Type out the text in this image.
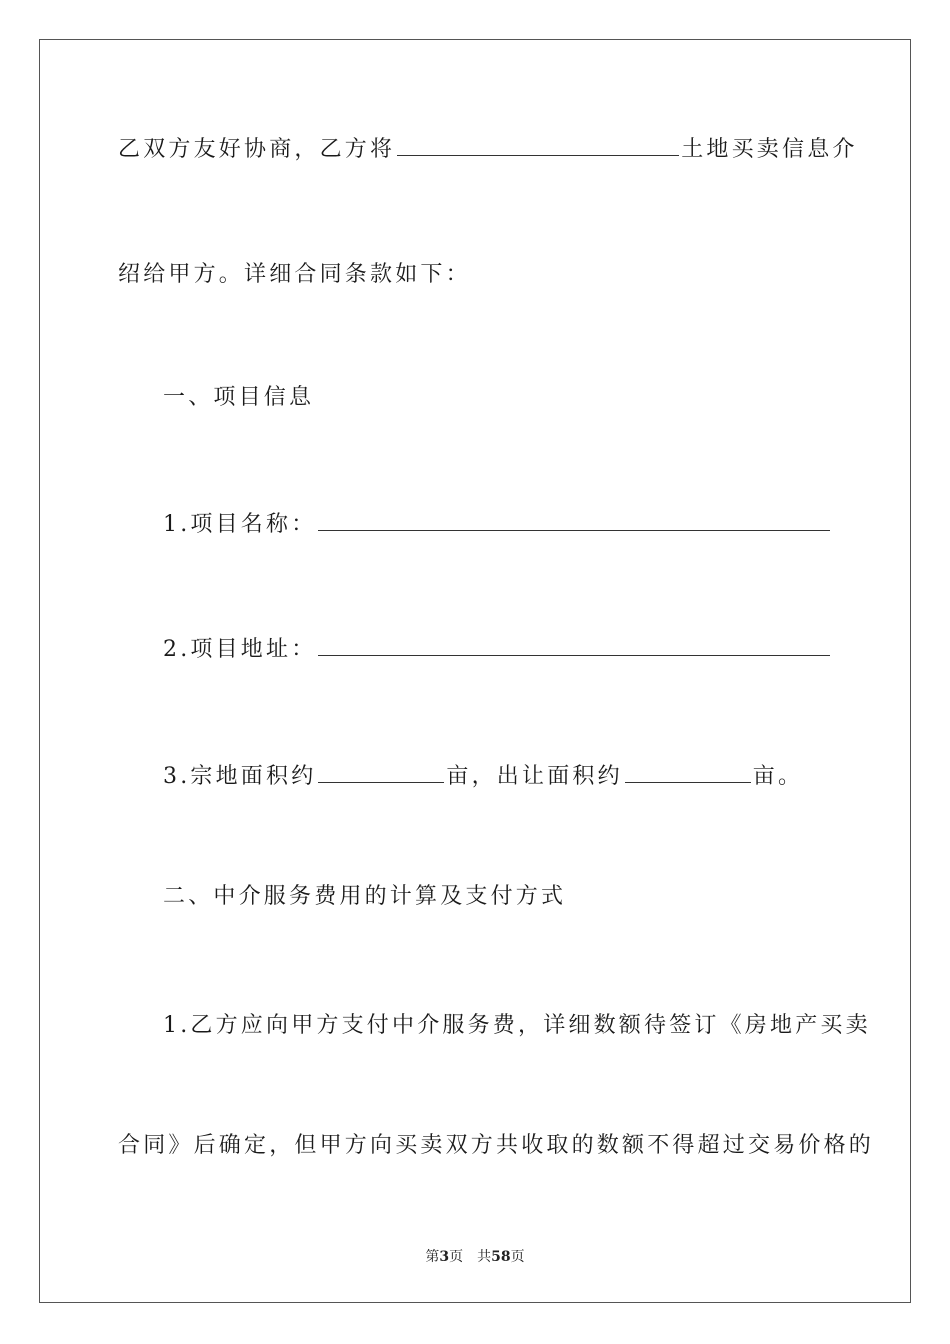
乙双方友好协商，乙方将	土地买卖信息介
绍给甲方。详细合同条款如下：
一、项目信息
1.项目名称：
2.项目地址：
3.宗地面积约	亩，出让面积约	亩。
二、中介服务费用的计算及支付方式
1.乙方应向甲方支付中介服务费，详细数额待签订《房地产买卖
合同》后确定，但甲方向买卖双方共收取的数额不得超过交易价格的
第3页 共58页
